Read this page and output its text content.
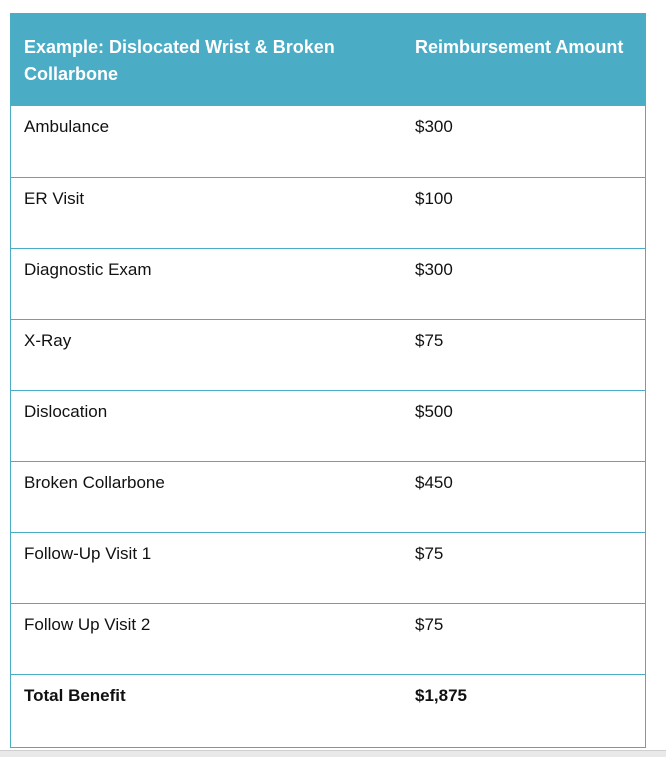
Example: Dislocated Wrist & Broken Collarbone	Reimbursement Amount
Ambulance	$300
ER Visit	$100
Diagnostic Exam	$300
X-Ray	$75
Dislocation	$500
Broken Collarbone	$450
Follow-Up Visit 1	$75
Follow Up Visit 2	$75
Total Benefit	$1,875
